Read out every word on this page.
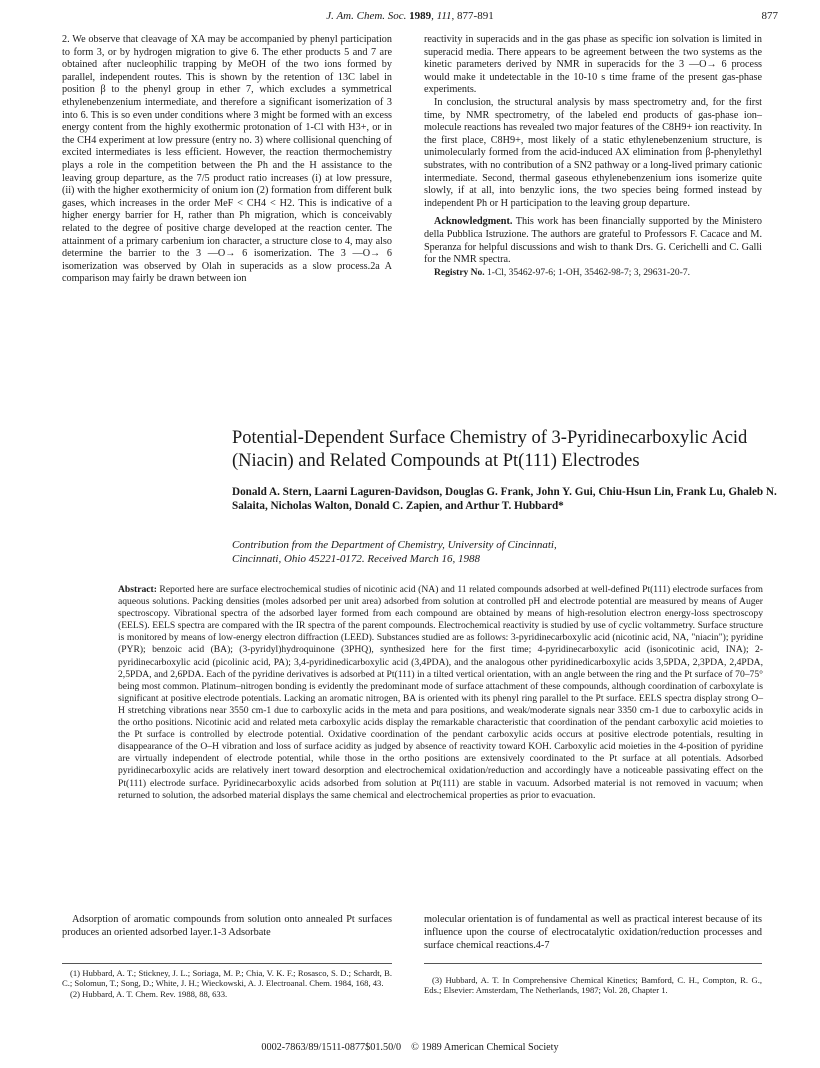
J. Am. Chem. Soc. 1989, 111, 877-891	877

2. We observe that cleavage of XA may be accompanied by phenyl participation to form 3, or by hydrogen migration to give 6. The ether products 5 and 7 are obtained after nucleophilic trapping by MeOH of the two ions formed by parallel, independent routes. This is shown by the retention of 13C label in position β to the phenyl group in ether 7, which excludes a symmetrical ethylenebenzenium intermediate, and therefore a significant isomerization of 3 into 6. This is so even under conditions where 3 might be formed with an excess energy content from the highly exothermic protonation of 1-Cl with H3+, or in the CH4 experiment at low pressure (entry no. 3) where collisional quenching of excited intermediates is less efficient. However, the reaction thermochemistry plays a role in the competition between the Ph and the H assistance to the leaving group departure, as the 7/5 product ratio increases (i) at low pressure, (ii) with the higher exothermicity of onium ion (2) formation from different bulk gases, which increases in the order MeF < CH4 < H2. This is indicative of a higher energy barrier for H, rather than Ph migration, which is conceivably related to the degree of positive charge developed at the reaction center. The attainment of a primary carbenium ion character, a structure close to 4, may also determine the barrier to the 3 —O→ 6 isomerization. The 3 —O→ 6 isomerization was observed by Olah in superacids as a slow process.2a A comparison may fairly be drawn between ion

reactivity in superacids and in the gas phase as specific ion solvation is limited in superacid media. There appears to be agreement between the two systems as the kinetic parameters derived by NMR in superacids for the 3 —O→ 6 process would make it undetectable in the 10-10 s time frame of the present gas-phase experiments.

In conclusion, the structural analysis by mass spectrometry and, for the first time, by NMR spectrometry, of the labeled end products of gas-phase ion–molecule reactions has revealed two major features of the C8H9+ ion reactivity. In the first place, C8H9+, most likely of a static ethylenebenzenium structure, is unimolecularly formed from the acid-induced AX elimination from β-phenylethyl substrates, with no contribution of a SN2 pathway or a long-lived primary cationic intermediate. Second, thermal gaseous ethylenebenzenium ions isomerize quite slowly, if at all, into benzylic ions, the two species being formed instead by independent Ph or H participation to the leaving group departure.

Acknowledgment. This work has been financially supported by the Ministero della Pubblica Istruzione. The authors are grateful to Professors F. Cacace and M. Speranza for helpful discussions and wish to thank Drs. G. Cerichelli and C. Galli for the NMR spectra.

Registry No. 1-Cl, 35462-97-6; 1-OH, 35462-98-7; 3, 29631-20-7.

Potential-Dependent Surface Chemistry of 3-Pyridinecarboxylic Acid (Niacin) and Related Compounds at Pt(111) Electrodes
Donald A. Stern, Laarni Laguren-Davidson, Douglas G. Frank, John Y. Gui, Chiu-Hsun Lin, Frank Lu, Ghaleb N. Salaita, Nicholas Walton, Donald C. Zapien, and Arthur T. Hubbard*
Contribution from the Department of Chemistry, University of Cincinnati,
Cincinnati, Ohio 45221-0172. Received March 16, 1988
Abstract: Reported here are surface electrochemical studies of nicotinic acid (NA) and 11 related compounds adsorbed at well-defined Pt(111) electrode surfaces from aqueous solutions. Packing densities (moles adsorbed per unit area) adsorbed from solution at controlled pH and electrode potential are measured by means of Auger spectroscopy. Vibrational spectra of the adsorbed layer formed from each compound are obtained by means of high-resolution electron energy-loss spectroscopy (EELS). EELS spectra are compared with the IR spectra of the parent compounds. Electrochemical reactivity is studied by use of cyclic voltammetry. Surface structure is monitored by means of low-energy electron diffraction (LEED). Substances studied are as follows: 3-pyridinecarboxylic acid (nicotinic acid, NA, "niacin"); pyridine (PYR); benzoic acid (BA); (3-pyridyl)hydroquinone (3PHQ), synthesized here for the first time; 4-pyridinecarboxylic acid (isonicotinic acid, INA); 2-pyridinecarboxylic acid (picolinic acid, PA); 3,4-pyridinedicarboxylic acid (3,4PDA), and the analogous other pyridinedicarboxylic acids 3,5PDA, 2,3PDA, 2,4PDA, 2,5PDA, and 2,6PDA. Each of the pyridine derivatives is adsorbed at Pt(111) in a tilted vertical orientation, with an angle between the ring and the Pt surface of 70–75° being most common. Platinum–nitrogen bonding is evidently the predominant mode of surface attachment of these compounds, although coordination of carboxylate is significant at positive electrode potentials. Lacking an aromatic nitrogen, BA is oriented with its phenyl ring parallel to the Pt surface. EELS spectra display strong O–H stretching vibrations near 3550 cm-1 due to carboxylic acids in the meta and para positions, and weak/moderate signals near 3350 cm-1 due to carboxylic acids in the ortho positions. Nicotinic acid and related meta carboxylic acids display the remarkable characteristic that coordination of the pendant carboxylic acid moieties to the Pt surface is controlled by electrode potential. Oxidative coordination of the pendant carboxylic acids occurs at positive electrode potentials, resulting in disappearance of the O–H vibration and loss of surface acidity as judged by absence of reactivity toward KOH. Carboxylic acid moieties in the 4-position of pyridine are virtually independent of electrode potential, while those in the ortho positions are extensively coordinated to the Pt surface at all potentials. Adsorbed pyridinecarboxylic acids are relatively inert toward desorption and electrochemical oxidation/reduction and accordingly have a noticeable passivating effect on the Pt(111) electrode surface. Pyridinecarboxylic acids adsorbed from solution at Pt(111) are stable in vacuum. Adsorbed material is not removed in vacuum; when returned to solution, the adsorbed material displays the same chemical and electrochemical properties as prior to evacuation.
Adsorption of aromatic compounds from solution onto annealed Pt surfaces produces an oriented adsorbed layer.1-3 Adsorbate
molecular orientation is of fundamental as well as practical interest because of its influence upon the course of electrocatalytic oxidation/reduction processes and surface chemical reactions.4-7

(1) Hubbard, A. T.; Stickney, J. L.; Soriaga, M. P.; Chia, V. K. F.; Rosasco, S. D.; Schardt, B. C.; Solomun, T.; Song, D.; White, J. H.; Wieckowski, A. J. Electroanal. Chem. 1984, 168, 43.

(2) Hubbard, A. T. Chem. Rev. 1988, 88, 633.

(3) Hubbard, A. T. In Comprehensive Chemical Kinetics; Bamford, C. H., Compton, R. G., Eds.; Elsevier: Amsterdam, The Netherlands, 1987; Vol. 28, Chapter 1.

0002-7863/89/1511-0877$01.50/0 © 1989 American Chemical Society
